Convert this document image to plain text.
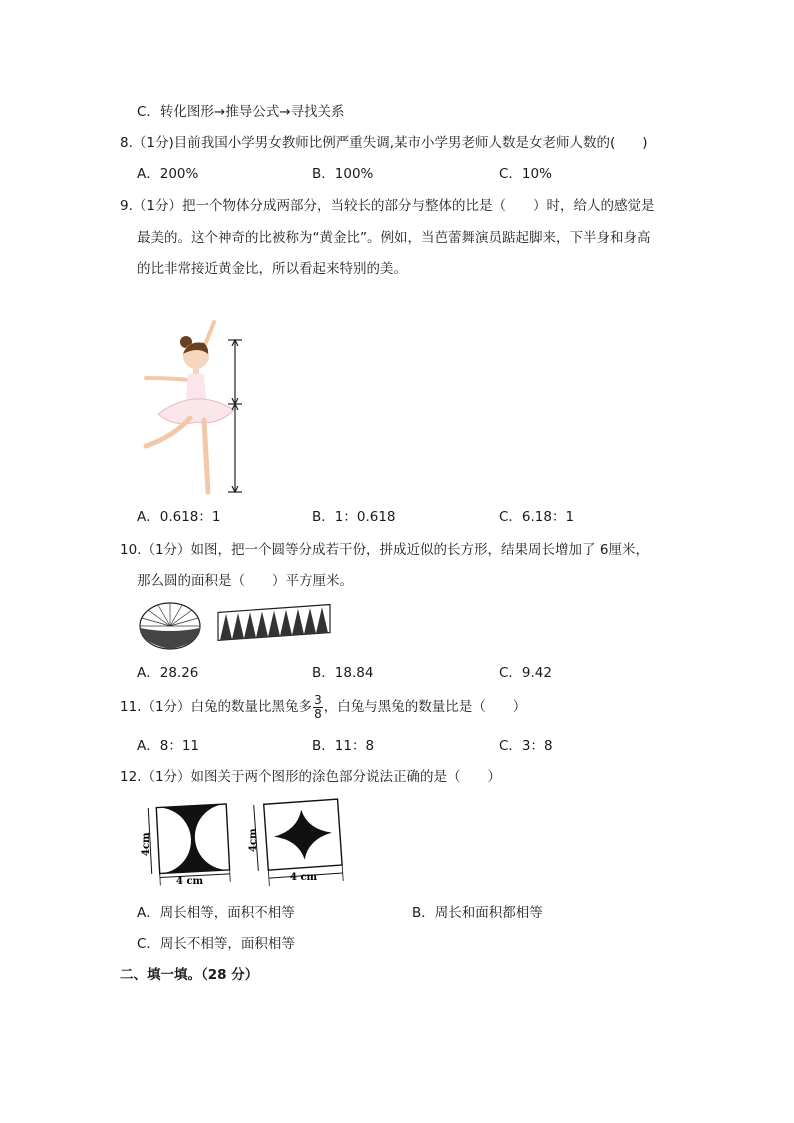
C．转化图形→推导公式→寻找关系
8.（1分)目前我国小学男女教师比例严重失调,某市小学男老师人数是女老师人数的(　　)
A．200%	B．100%	C．10%
9.（1分）把一个物体分成两部分，当较长的部分与整体的比是（　　）时，给人的感觉是
最美的。这个神奇的比被称为“黄金比”。例如，当芭蕾舞演员踮起脚来，下半身和身高
的比非常接近黄金比，所以看起来特别的美。
A．0.618：1	B．1：0.618	C．6.18：1
10.（1分）如图，把一个圆等分成若干份，拼成近似的长方形，结果周长增加了 6厘米，
那么圆的面积是（　　）平方厘米。
A．28.26	B．18.84	C．9.42
11.（1分）白兔的数量比黑兔多 $\frac{3}{8}$ ，白兔与黑兔的数量比是（　　）
A．8：11	B．11：8	C．3：8
12.（1分）如图关于两个图形的涂色部分说法正确的是（　　）
4cm
4 cm
4cm
4 cm
A．周长相等，面积不相等	B．周长和面积都相等
C．周长不相等，面积相等
二、填一填。（28 分）
